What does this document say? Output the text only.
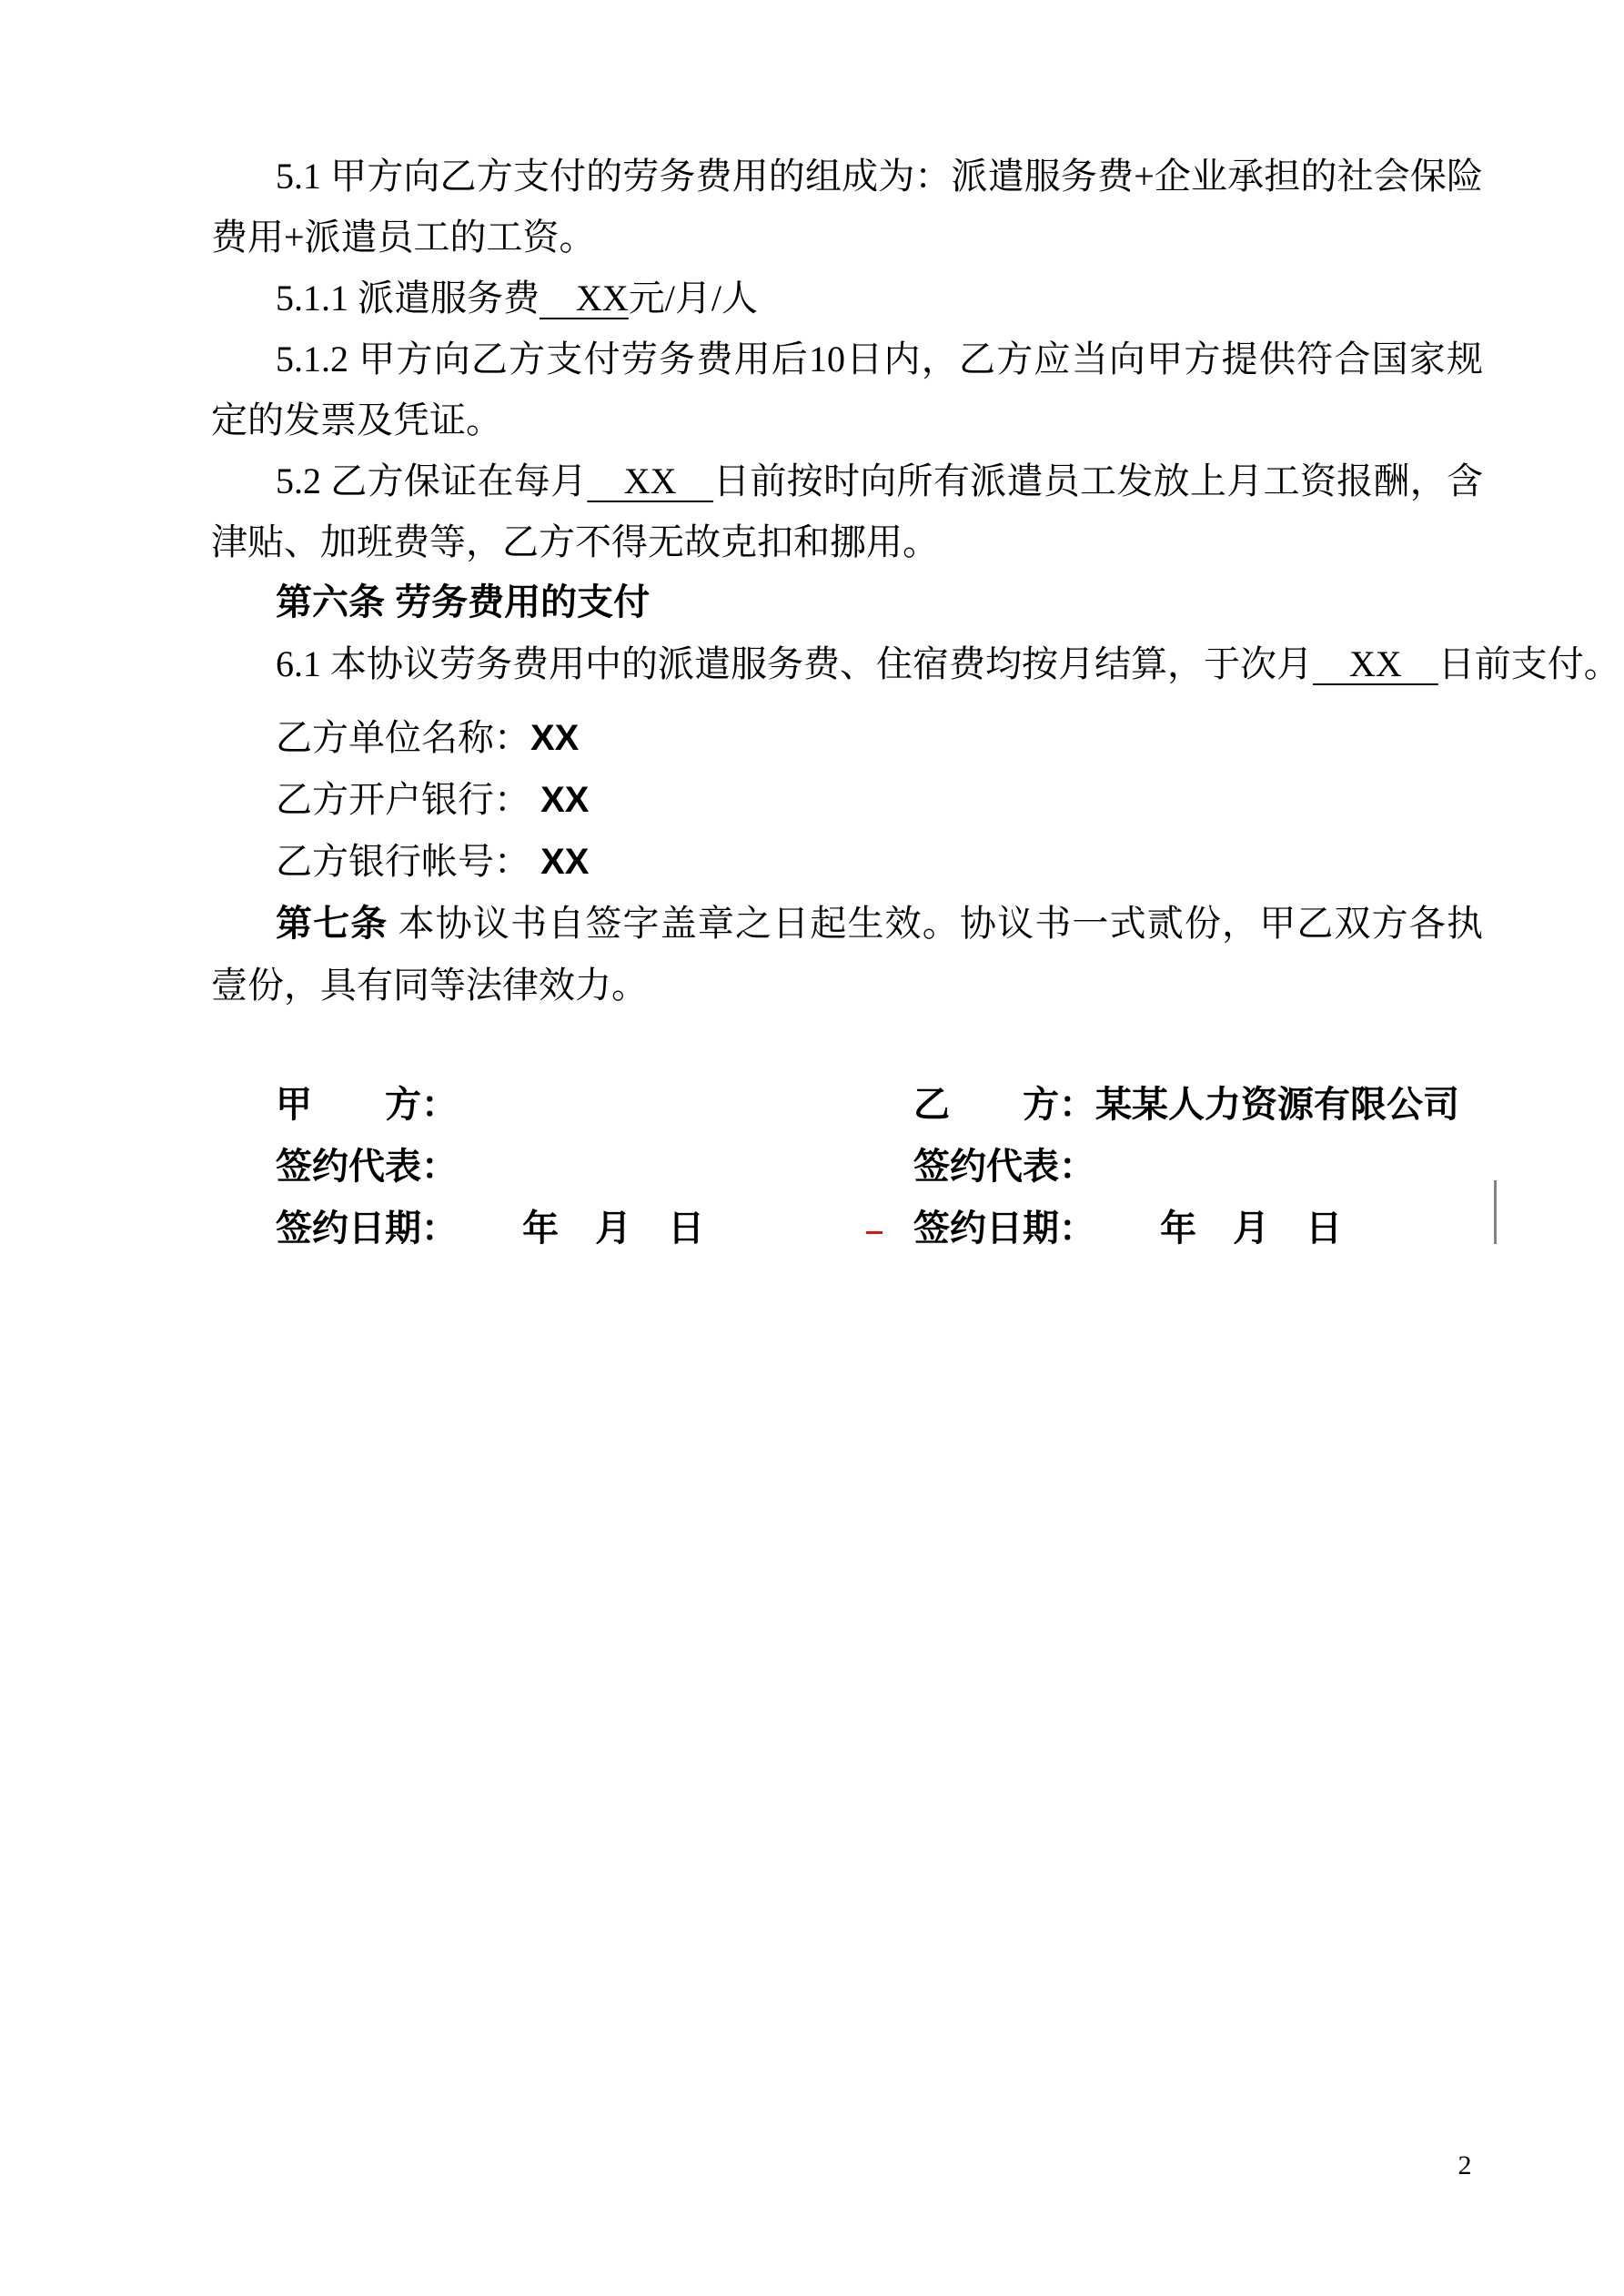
5.1 甲方向乙方支付的劳务费用的组成为：派遣服务费+企业承担的社会保险费用+派遣员工的工资。

5.1.1 派遣服务费　XX元/月/人

5.1.2 甲方向乙方支付劳务费用后10日内，乙方应当向甲方提供符合国家规定的发票及凭证。

5.2 乙方保证在每月　XX　日前按时向所有派遣员工发放上月工资报酬，含津贴、加班费等，乙方不得无故克扣和挪用。

第六条 劳务费用的支付

6.1 本协议劳务费用中的派遣服务费、住宿费均按月结算，于次月　XX　日前支付。

乙方单位名称：XX

乙方开户银行： XX

乙方银行帐号： XX

第七条 本协议书自签字盖章之日起生效。协议书一式贰份，甲乙双方各执壹份，具有同等法律效力。

甲　　方：	乙　　方：某某人力资源有限公司
签约代表：	签约代表：
签约日期：　　 年　月　日	签约日期：　　 年　月　日
2
